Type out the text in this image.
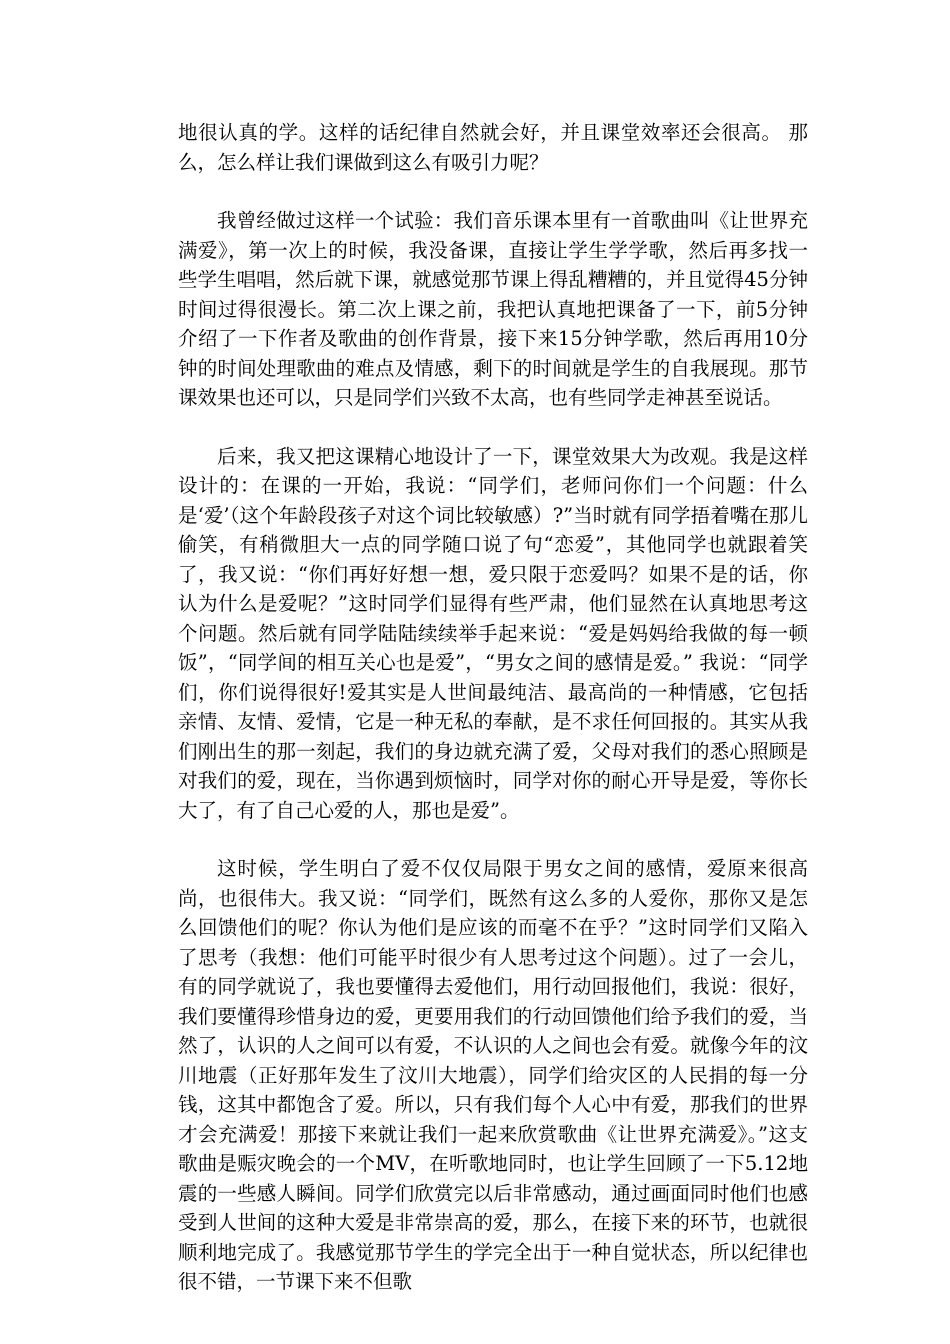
地很认真的学。这样的话纪律自然就会好，并且课堂效率还会很高。 那么，怎么样让我们课做到这么有吸引力呢？

我曾经做过这样一个试验：我们音乐课本里有一首歌曲叫《让世界充满爱》，第一次上的时候，我没备课，直接让学生学学歌，然后再多找一些学生唱唱，然后就下课，就感觉那节课上得乱糟糟的，并且觉得45分钟时间过得很漫长。第二次上课之前，我把认真地把课备了一下，前5分钟介绍了一下作者及歌曲的创作背景，接下来15分钟学歌，然后再用10分钟的时间处理歌曲的难点及情感，剩下的时间就是学生的自我展现。那节课效果也还可以，只是同学们兴致不太高，也有些同学走神甚至说话。

后来，我又把这课精心地设计了一下，课堂效果大为改观。我是这样设计的：在课的一开始，我说：“同学们，老师问你们一个问题：什么是‘爱’（这个年龄段孩子对这个词比较敏感）?”当时就有同学捂着嘴在那儿偷笑，有稍微胆大一点的同学随口说了句“恋爱”，其他同学也就跟着笑了，我又说：“你们再好好想一想，爱只限于恋爱吗？如果不是的话，你认为什么是爱呢？”这时同学们显得有些严肃，他们显然在认真地思考这个问题。然后就有同学陆陆续续举手起来说：“爱是妈妈给我做的每一顿饭”，“同学间的相互关心也是爱”，“男女之间的感情是爱。” 我说：“同学们，你们说得很好!爱其实是人世间最纯洁、最高尚的一种情感，它包括亲情、友情、爱情，它是一种无私的奉献，是不求任何回报的。其实从我们刚出生的那一刻起，我们的身边就充满了爱，父母对我们的悉心照顾是对我们的爱，现在，当你遇到烦恼时，同学对你的耐心开导是爱，等你长大了，有了自己心爱的人，那也是爱”。

这时候，学生明白了爱不仅仅局限于男女之间的感情，爱原来很高尚，也很伟大。我又说：“同学们，既然有这么多的人爱你，那你又是怎么回馈他们的呢？你认为他们是应该的而毫不在乎？”这时同学们又陷入了思考（我想：他们可能平时很少有人思考过这个问题）。过了一会儿，有的同学就说了，我也要懂得去爱他们，用行动回报他们，我说：很好，我们要懂得珍惜身边的爱，更要用我们的行动回馈他们给予我们的爱，当然了，认识的人之间可以有爱，不认识的人之间也会有爱。就像今年的汶川地震（正好那年发生了汶川大地震），同学们给灾区的人民捐的每一分钱，这其中都饱含了爱。所以，只有我们每个人心中有爱，那我们的世界才会充满爱！那接下来就让我们一起来欣赏歌曲《让世界充满爱》。”这支歌曲是赈灾晚会的一个MV，在听歌地同时，也让学生回顾了一下5.12地震的一些感人瞬间。同学们欣赏完以后非常感动，通过画面同时他们也感受到人世间的这种大爱是非常崇高的爱，那么，在接下来的环节，也就很顺利地完成了。我感觉那节学生的学完全出于一种自觉状态，所以纪律也很不错，一节课下来不但歌
